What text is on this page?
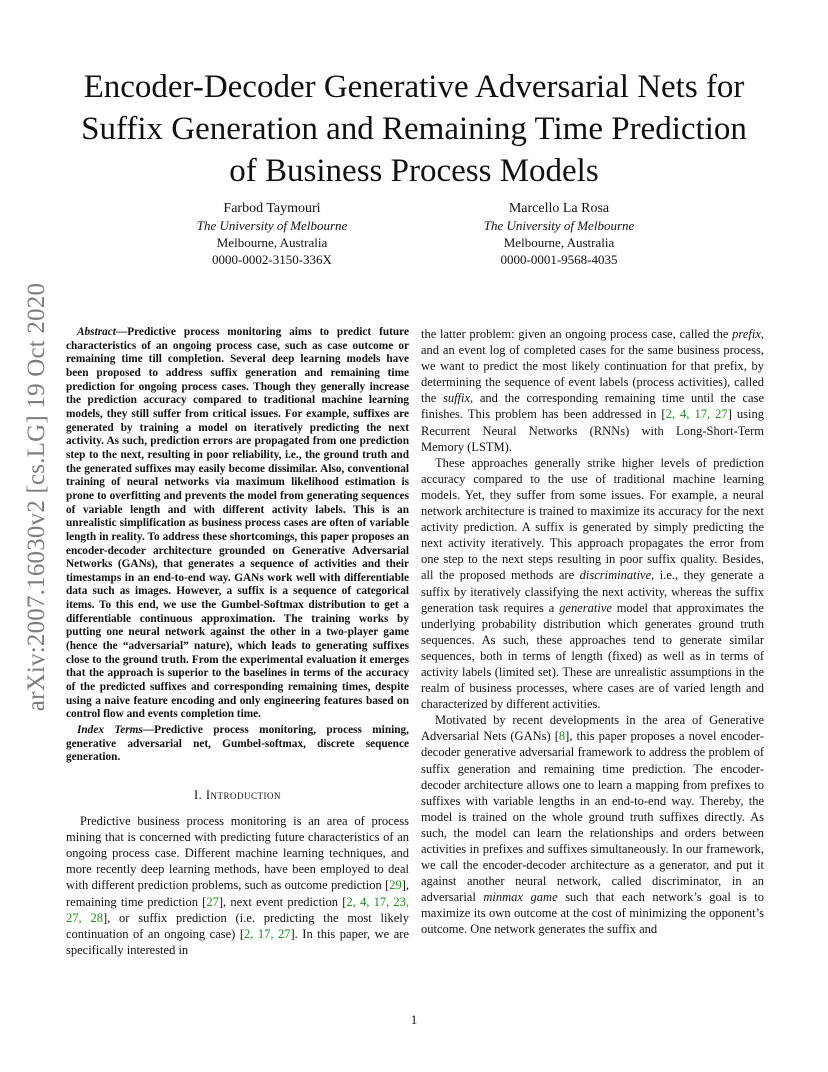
arXiv:2007.16030v2 [cs.LG] 19 Oct 2020
Encoder-Decoder Generative Adversarial Nets for
Suffix Generation and Remaining Time Prediction
of Business Process Models
Farbod Taymouri
The University of Melbourne
Melbourne, Australia
0000-0002-3150-336X
Marcello La Rosa
The University of Melbourne
Melbourne, Australia
0000-0001-9568-4035

Abstract—Predictive process monitoring aims to predict future characteristics of an ongoing process case, such as case outcome or remaining time till completion. Several deep learning models have been proposed to address suffix generation and remaining time prediction for ongoing process cases. Though they generally increase the prediction accuracy compared to traditional machine learning models, they still suffer from critical issues. For example, suffixes are generated by training a model on iteratively predicting the next activity. As such, prediction errors are propagated from one prediction step to the next, resulting in poor reliability, i.e., the ground truth and the generated suffixes may easily become dissimilar. Also, conventional training of neural networks via maximum likelihood estimation is prone to overfitting and prevents the model from generating sequences of variable length and with different activity labels. This is an unrealistic simplification as business process cases are often of variable length in reality. To address these shortcomings, this paper proposes an encoder-decoder architecture grounded on Generative Adversarial Networks (GANs), that generates a sequence of activities and their timestamps in an end-to-end way. GANs work well with differentiable data such as images. However, a suffix is a sequence of categorical items. To this end, we use the Gumbel-Softmax distribution to get a differentiable continuous approximation. The training works by putting one neural network against the other in a two-player game (hence the “adversarial” nature), which leads to generating suffixes close to the ground truth. From the experimental evaluation it emerges that the approach is superior to the baselines in terms of the accuracy of the predicted suffixes and corresponding remaining times, despite using a naive feature encoding and only engineering features based on control flow and events completion time.

Index Terms—Predictive process monitoring, process mining, generative adversarial net, Gumbel-softmax, discrete sequence generation.

I. Introduction

Predictive business process monitoring is an area of process mining that is concerned with predicting future characteristics of an ongoing process case. Different machine learning techniques, and more recently deep learning methods, have been employed to deal with different prediction problems, such as outcome prediction [29], remaining time prediction [27], next event prediction [2, 4, 17, 23, 27, 28], or suffix prediction (i.e. predicting the most likely continuation of an ongoing case) [2, 17, 27]. In this paper, we are specifically interested in

the latter problem: given an ongoing process case, called the prefix, and an event log of completed cases for the same business process, we want to predict the most likely continuation for that prefix, by determining the sequence of event labels (process activities), called the suffix, and the corresponding remaining time until the case finishes. This problem has been addressed in [2, 4, 17, 27] using Recurrent Neural Networks (RNNs) with Long-Short-Term Memory (LSTM).

These approaches generally strike higher levels of prediction accuracy compared to the use of traditional machine learning models. Yet, they suffer from some issues. For example, a neural network architecture is trained to maximize its accuracy for the next activity prediction. A suffix is generated by simply predicting the next activity iteratively. This approach propagates the error from one step to the next steps resulting in poor suffix quality. Besides, all the proposed methods are discriminative, i.e., they generate a suffix by iteratively classifying the next activity, whereas the suffix generation task requires a generative model that approximates the underlying probability distribution which generates ground truth sequences. As such, these approaches tend to generate similar sequences, both in terms of length (fixed) as well as in terms of activity labels (limited set). These are unrealistic assumptions in the realm of business processes, where cases are of varied length and characterized by different activities.

Motivated by recent developments in the area of Generative Adversarial Nets (GANs) [8], this paper proposes a novel encoder-decoder generative adversarial framework to address the problem of suffix generation and remaining time prediction. The encoder-decoder architecture allows one to learn a mapping from prefixes to suffixes with variable lengths in an end-to-end way. Thereby, the model is trained on the whole ground truth suffixes directly. As such, the model can learn the relationships and orders between activities in prefixes and suffixes simultaneously. In our framework, we call the encoder-decoder architecture as a generator, and put it against another neural network, called discriminator, in an adversarial minmax game such that each network’s goal is to maximize its own outcome at the cost of minimizing the opponent’s outcome. One network generates the suffix and

1
